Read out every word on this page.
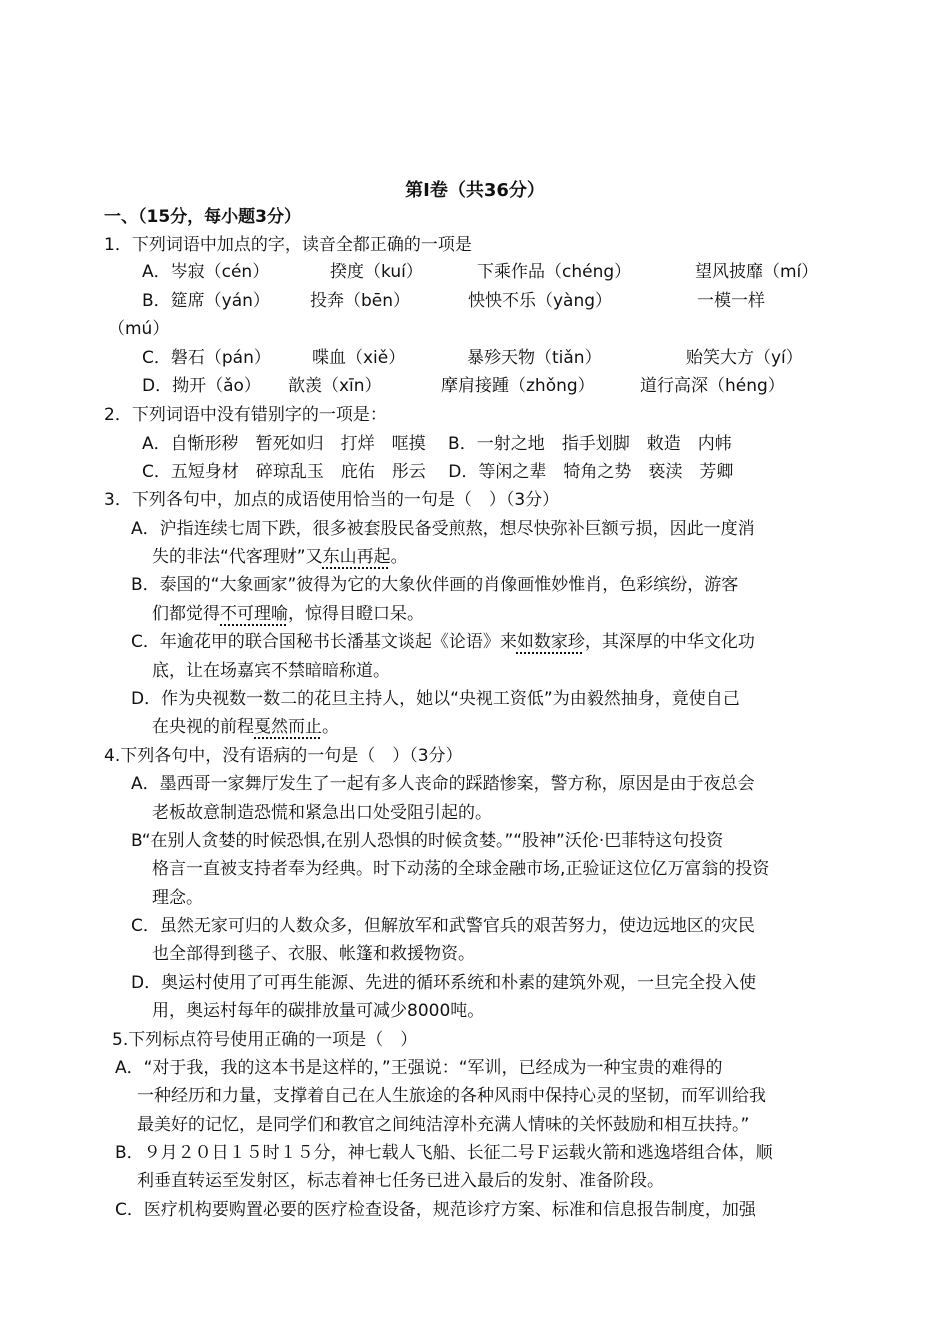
第Ⅰ卷（共36分）
一、（15分，每小题3分）
1．下列词语中加点的字，读音全都正确的一项是
A．岑寂（cén）	揆度（kuí）	下乘作品（chéng）	望风披靡（mí）
B．筵席（yán） 投奔（bēn）	怏怏不乐（yàng）	一模一样
（mú）
C．磐石（pán） 喋血（xiě）	暴殄天物（tiǎn）	贻笑大方（yí）
D．拗开（ǎo） 歆羡（xīn）	摩肩接踵（zhǒng）	道行高深（héng）
2．下列词语中没有错别字的一项是：
A．自惭形秽　暂死如归　打烊　哐摸　 B．一射之地　指手划脚　敕造　内帏
C．五短身材　碎琼乱玉　庇佑　彤云　 D．等闲之辈　犄角之势　亵渎　芳卿
3．下列各句中，加点的成语使用恰当的一句是（　）（3分）
A．沪指连续七周下跌，很多被套股民备受煎熬，想尽快弥补巨额亏损，因此一度消
失的非法“代客理财”又东山再起。
B．泰国的“大象画家”彼得为它的大象伙伴画的肖像画惟妙惟肖，色彩缤纷，游客
们都觉得不可理喻，惊得目瞪口呆。
C．年逾花甲的联合国秘书长潘基文谈起《论语》来如数家珍，其深厚的中华文化功
底，让在场嘉宾不禁暗暗称道。
D．作为央视数一数二的花旦主持人，她以“央视工资低”为由毅然抽身，竟使自己
在央视的前程戛然而止。
4.下列各句中，没有语病的一句是（　）（3分）
A．墨西哥一家舞厅发生了一起有多人丧命的踩踏惨案，警方称，原因是由于夜总会
老板故意制造恐慌和紧急出口处受阻引起的。
B“在别人贪婪的时候恐惧,在别人恐惧的时候贪婪。”“股神”沃伦·巴菲特这句投资
格言一直被支持者奉为经典。时下动荡的全球金融市场,正验证这位亿万富翁的投资
理念。
C．虽然无家可归的人数众多，但解放军和武警官兵的艰苦努力，使边远地区的灾民
也全部得到毯子、衣服、帐篷和救援物资。
D．奥运村使用了可再生能源、先进的循环系统和朴素的建筑外观，一旦完全投入使
用，奥运村每年的碳排放量可减少8000吨。
5.下列标点符号使用正确的一项是（　）
A．“对于我，我的这本书是这样的，”王强说：“军训，已经成为一种宝贵的难得的
一种经历和力量，支撑着自己在人生旅途的各种风雨中保持心灵的坚韧，而军训给我
最美好的记忆，是同学们和教官之间纯洁淳朴充满人情味的关怀鼓励和相互扶持。”
B．９月２０日１５时１５分，神七载人飞船、长征二号Ｆ运载火箭和逃逸塔组合体，顺
利垂直转运至发射区，标志着神七任务已进入最后的发射、准备阶段。
C．医疗机构要购置必要的医疗检查设备，规范诊疗方案、标准和信息报告制度，加强
